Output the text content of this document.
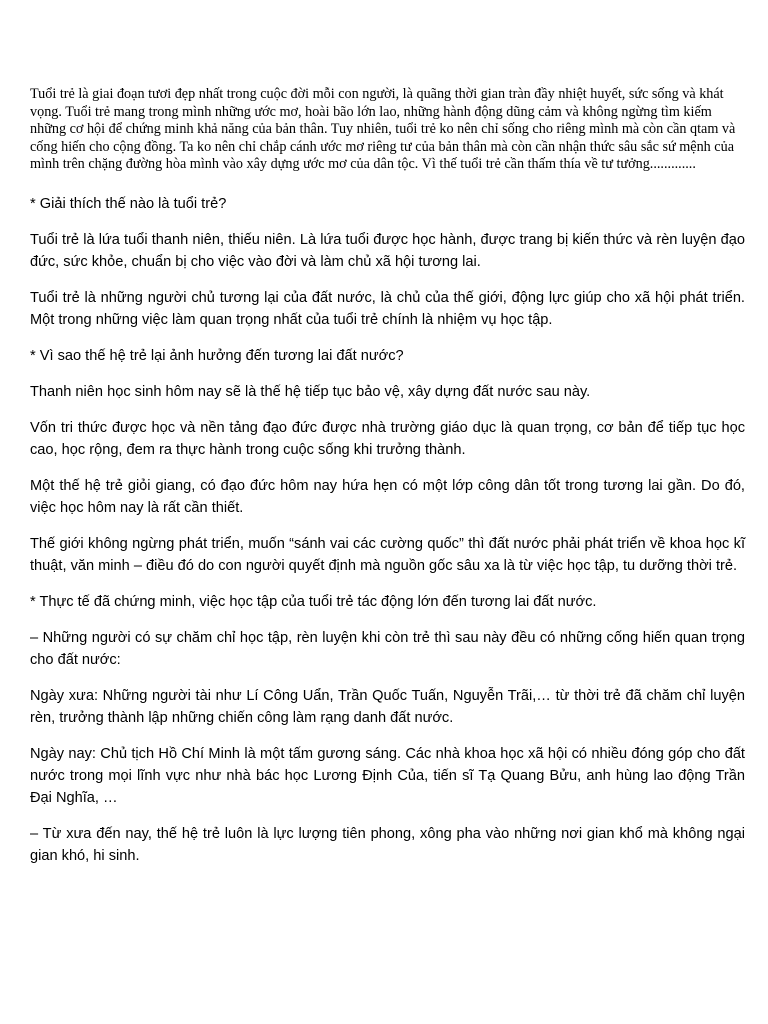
Tuổi trẻ là giai đoạn tươi đẹp nhất trong cuộc đời mỗi con người, là quãng thời gian tràn đầy nhiệt huyết, sức sống và khát vọng. Tuổi trẻ mang trong mình những ước mơ, hoài bão lớn lao, những hành động dũng cảm và không ngừng tìm kiếm những cơ hội để chứng minh khả năng của bản thân. Tuy nhiên, tuổi trẻ ko nên chỉ sống cho riêng mình mà còn cần qtam và cống hiến cho cộng đồng. Ta ko nên chỉ chắp cánh ước mơ riêng tư của bản thân mà còn cần nhận thức sâu sắc sứ mệnh của mình trên chặng đường hòa mình vào xây dựng ước mơ của dân tộc. Vì thế tuổi trẻ cần thấm thía về tư tưởng.............

* Giải thích thế nào là tuổi trẻ?

Tuổi trẻ là lứa tuổi thanh niên, thiếu niên. Là lứa tuổi được học hành, được trang bị kiến thức và rèn luyện đạo đức, sức khỏe, chuẩn bị cho việc vào đời và làm chủ xã hội tương lai.

Tuổi trẻ là những người chủ tương lại của đất nước, là chủ của thế giới, động lực giúp cho xã hội phát triển. Một trong những việc làm quan trọng nhất của tuổi trẻ chính là nhiệm vụ học tập.

* Vì sao thế hệ trẻ lại ảnh hưởng đến tương lai đất nước?

Thanh niên học sinh hôm nay sẽ là thế hệ tiếp tục bảo vệ, xây dựng đất nước sau này.

Vốn tri thức được học và nền tảng đạo đức được nhà trường giáo dục là quan trọng, cơ bản để tiếp tục học cao, học rộng, đem ra thực hành trong cuộc sống khi trưởng thành.

Một thế hệ trẻ giỏi giang, có đạo đức hôm nay hứa hẹn có một lớp công dân tốt trong tương lai gần. Do đó, việc học hôm nay là rất cần thiết.

Thế giới không ngừng phát triển, muốn “sánh vai các cường quốc” thì đất nước phải phát triển về khoa học kĩ thuật, văn minh – điều đó do con người quyết định mà nguồn gốc sâu xa là từ việc học tập, tu dưỡng thời trẻ.

* Thực tế đã chứng minh, việc học tập của tuổi trẻ tác động lớn đến tương lai đất nước.

– Những người có sự chăm chỉ học tập, rèn luyện khi còn trẻ thì sau này đều có những cống hiến quan trọng cho đất nước:

Ngày xưa: Những người tài như Lí Công Uẩn, Trần Quốc Tuấn, Nguyễn Trãi,… từ thời trẻ đã chăm chỉ luyện rèn, trưởng thành lập những chiến công làm rạng danh đất nước.

Ngày nay: Chủ tịch Hồ Chí Minh là một tấm gương sáng. Các nhà khoa học xã hội có nhiều đóng góp cho đất nước trong mọi lĩnh vực như nhà bác học Lương Định Của, tiến sĩ Tạ Quang Bửu, anh hùng lao động Trần Đại Nghĩa, …

– Từ xưa đến nay, thế hệ trẻ luôn là lực lượng tiên phong, xông pha vào những nơi gian khổ mà không ngại gian khó, hi sinh.
